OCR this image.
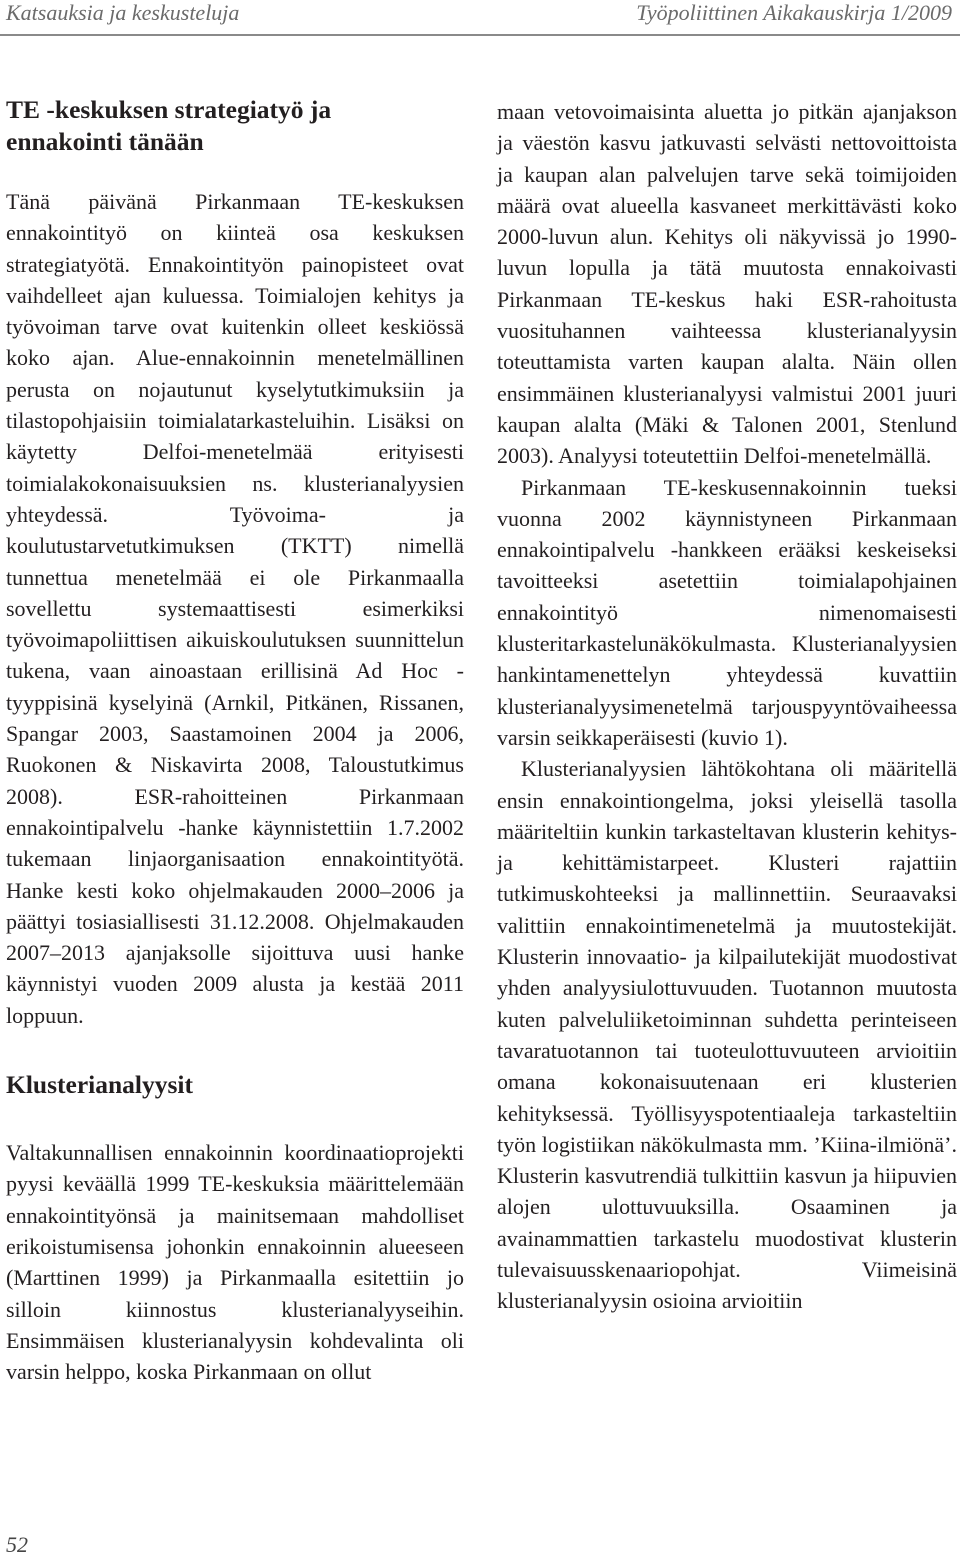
Katsauksia ja keskusteluja	Työpoliittinen Aikakauskirja 1/2009
TE -keskuksen strategiatyö ja
ennakointi tänään

Tänä päivänä Pirkanmaan TE-keskuksen ennakointityö on kiinteä osa keskuksen strategiatyötä. Ennakointityön painopisteet ovat vaihdelleet ajan kuluessa. Toimialojen kehitys ja työvoiman tarve ovat kuitenkin olleet keskiössä koko ajan. Alue-ennakoinnin menetelmällinen perusta on nojautunut kyselytutkimuksiin ja tilastopohjaisiin toimialatarkasteluihin. Lisäksi on käytetty Delfoi-menetelmää erityisesti toimialakokonaisuuksien ns. klusterianalyysien yhteydessä. Työvoima- ja koulutustarvetutkimuksen (TKTT) nimellä tunnettua menetelmää ei ole Pirkanmaalla sovellettu systemaattisesti esimerkiksi työvoimapoliittisen aikuiskoulutuksen suunnittelun tukena, vaan ainoastaan erillisinä Ad Hoc -tyyppisinä kyselyinä (Arnkil, Pitkänen, Rissanen, Spangar 2003, Saastamoinen 2004 ja 2006, Ruokonen & Niskavirta 2008, Taloustutkimus 2008). ESR-rahoitteinen Pirkanmaan ennakointipalvelu -hanke käynnistettiin 1.7.2002 tukemaan linjaorganisaation ennakointityötä. Hanke kesti koko ohjelmakauden 2000–2006 ja päättyi tosiasiallisesti 31.12.2008. Ohjelmakauden 2007–2013 ajanjaksolle sijoittuva uusi hanke käynnistyi vuoden 2009 alusta ja kestää 2011 loppuun.

Klusterianalyysit

Valtakunnallisen ennakoinnin koordinaatioprojekti pyysi keväällä 1999 TE-keskuksia määrittelemään ennakointityönsä ja mainitsemaan mahdolliset erikoistumisensa johonkin ennakoinnin alueeseen (Marttinen 1999) ja Pirkanmaalla esitettiin jo silloin kiinnostus klusterianalyyseihin. Ensimmäisen klusterianalyysin kohdevalinta oli varsin helppo, koska Pirkanmaan on ollut

maan vetovoimaisinta aluetta jo pitkän ajanjakson ja väestön kasvu jatkuvasti selvästi nettovoittoista ja kaupan alan palvelujen tarve sekä toimijoiden määrä ovat alueella kasvaneet merkittävästi koko 2000-luvun alun. Kehitys oli näkyvissä jo 1990-luvun lopulla ja tätä muutosta ennakoivasti Pirkanmaan TE-keskus haki ESR-rahoitusta vuosituhannen vaihteessa klusterianalyysin toteuttamista varten kaupan alalta. Näin ollen ensimmäinen klusterianalyysi valmistui 2001 juuri kaupan alalta (Mäki & Talonen 2001, Stenlund 2003). Analyysi toteutettiin Delfoi-menetelmällä.

Pirkanmaan TE-keskusennakoinnin tueksi vuonna 2002 käynnistyneen Pirkanmaan ennakointipalvelu -hankkeen erääksi keskeiseksi tavoitteeksi asetettiin toimialapohjainen ennakointityö nimenomaisesti klusteritarkastelunäkökulmasta. Klusterianalyysien hankintamenettelyn yhteydessä kuvattiin klusterianalyysimenetelmä tarjouspyyntövaiheessa varsin seikkaperäisesti (kuvio 1).

Klusterianalyysien lähtökohtana oli määritellä ensin ennakointiongelma, joksi yleisellä tasolla määriteltiin kunkin tarkasteltavan klusterin kehitys- ja kehittämistarpeet. Klusteri rajattiin tutkimuskohteeksi ja mallinnettiin. Seuraavaksi valittiin ennakointimenetelmä ja muutostekijät. Klusterin innovaatio- ja kilpailutekijät muodostivat yhden analyysiulottuvuuden. Tuotannon muutosta kuten palveluliiketoiminnan suhdetta perinteiseen tavaratuotannon tai tuoteulottuvuuteen arvioitiin omana kokonaisuutenaan eri klusterien kehityksessä. Työllisyyspotentiaaleja tarkasteltiin työn logistiikan näkökulmasta mm. ’Kiina-ilmiönä’. Klusterin kasvutrendiä tulkittiin kasvun ja hiipuvien alojen ulottuvuuksilla. Osaaminen ja avainammattien tarkastelu muodostivat klusterin tulevaisuusskenaariopohjat. Viimeisinä klusterianalyysin osioina arvioitiin

52
